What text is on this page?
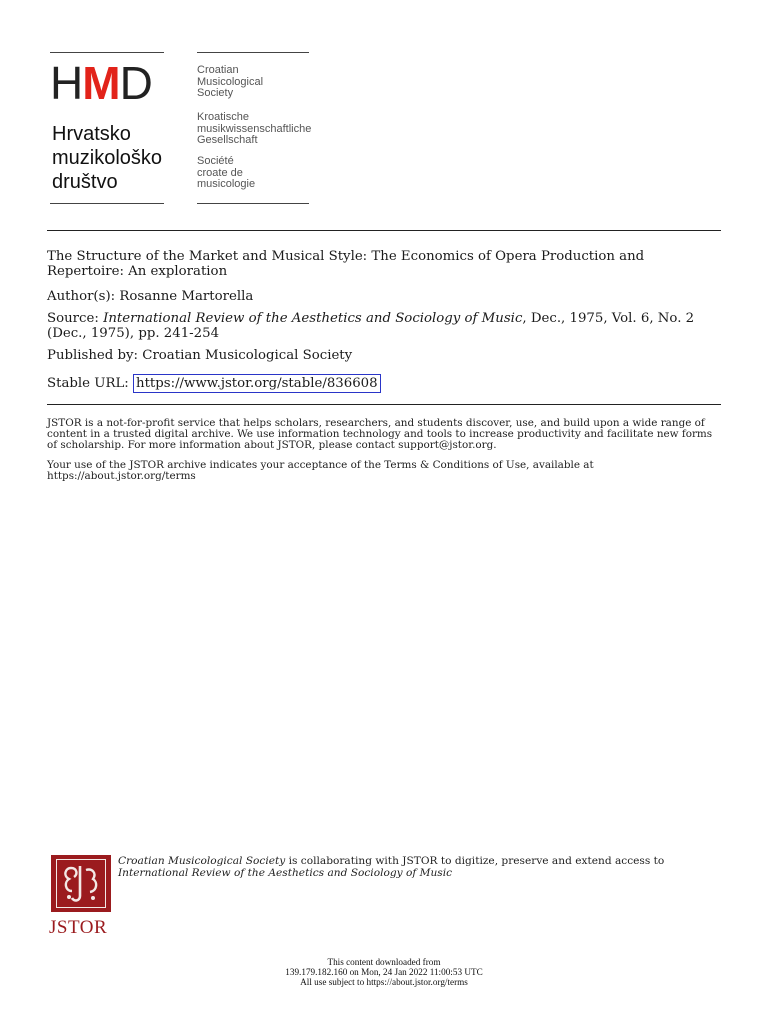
HMD
Hrvatsko
muzikološko
društvo
Croatian
Musicological
Society
Kroatische
musikwissenschaftliche
Gesellschaft
Société
croate de
musicologie
The Structure of the Market and Musical Style: The Economics of Opera Production and Repertoire: An exploration
Author(s): Rosanne Martorella
Source: International Review of the Aesthetics and Sociology of Music, Dec., 1975, Vol. 6, No. 2 (Dec., 1975), pp. 241-254
Published by: Croatian Musicological Society
Stable URL: https://www.jstor.org/stable/836608
JSTOR is a not-for-profit service that helps scholars, researchers, and students discover, use, and build upon a wide range of content in a trusted digital archive. We use information technology and tools to increase productivity and facilitate new forms of scholarship. For more information about JSTOR, please contact support@jstor.org.
Your use of the JSTOR archive indicates your acceptance of the Terms & Conditions of Use, available at https://about.jstor.org/terms
JSTOR
Croatian Musicological Society is collaborating with JSTOR to digitize, preserve and extend access to International Review of the Aesthetics and Sociology of Music
This content downloaded from
139.179.182.160 on Mon, 24 Jan 2022 11:00:53 UTC
All use subject to https://about.jstor.org/terms
